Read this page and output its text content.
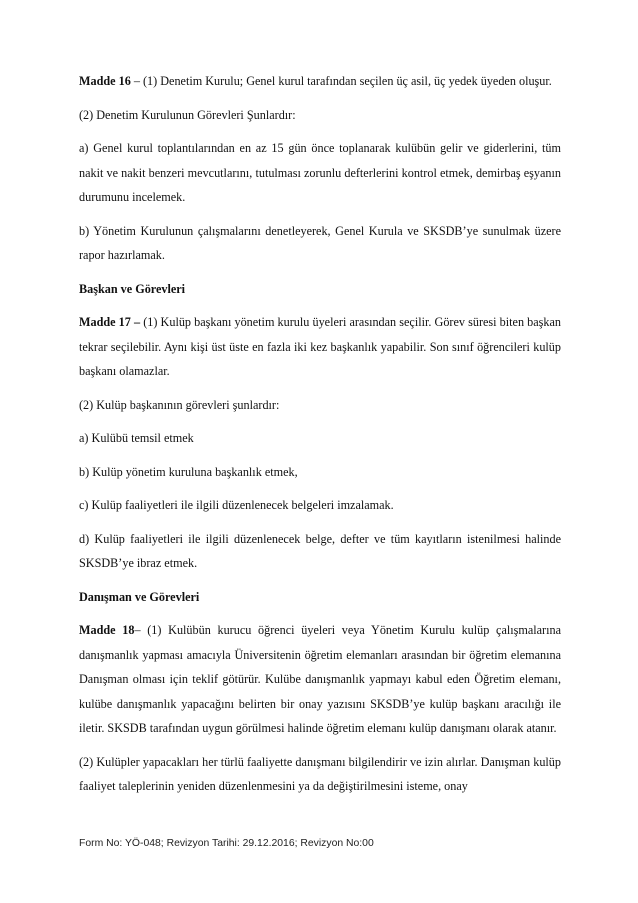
Madde 16 – (1) Denetim Kurulu; Genel kurul tarafından seçilen üç asil, üç yedek üyeden oluşur.

(2) Denetim Kurulunun Görevleri Şunlardır:

a) Genel kurul toplantılarından en az 15 gün önce toplanarak kulübün gelir ve giderlerini, tüm nakit ve nakit benzeri mevcutlarını, tutulması zorunlu defterlerini kontrol etmek, demirbaş eşyanın durumunu incelemek.

b) Yönetim Kurulunun çalışmalarını denetleyerek, Genel Kurula ve SKSDB’ye sunulmak üzere rapor hazırlamak.

Başkan ve Görevleri

Madde 17 – (1) Kulüp başkanı yönetim kurulu üyeleri arasından seçilir. Görev süresi biten başkan tekrar seçilebilir. Aynı kişi üst üste en fazla iki kez başkanlık yapabilir. Son sınıf öğrencileri kulüp başkanı olamazlar.

(2) Kulüp başkanının görevleri şunlardır:

a) Kulübü temsil etmek

b) Kulüp yönetim kuruluna başkanlık etmek,

c) Kulüp faaliyetleri ile ilgili düzenlenecek belgeleri imzalamak.

d) Kulüp faaliyetleri ile ilgili düzenlenecek belge, defter ve tüm kayıtların istenilmesi halinde SKSDB’ye ibraz etmek.

Danışman ve Görevleri

Madde 18– (1) Kulübün kurucu öğrenci üyeleri veya Yönetim Kurulu kulüp çalışmalarına danışmanlık yapması amacıyla Üniversitenin öğretim elemanları arasından bir öğretim elemanına Danışman olması için teklif götürür. Kulübe danışmanlık yapmayı kabul eden Öğretim elemanı, kulübe danışmanlık yapacağını belirten bir onay yazısını SKSDB’ye kulüp başkanı aracılığı ile iletir. SKSDB tarafından uygun görülmesi halinde öğretim elemanı kulüp danışmanı olarak atanır.

(2) Kulüpler yapacakları her türlü faaliyette danışmanı bilgilendirir ve izin alırlar. Danışman kulüp faaliyet taleplerinin yeniden düzenlenmesini ya da değiştirilmesini isteme, onay

Form No: YÖ-048; Revizyon Tarihi: 29.12.2016; Revizyon No:00
